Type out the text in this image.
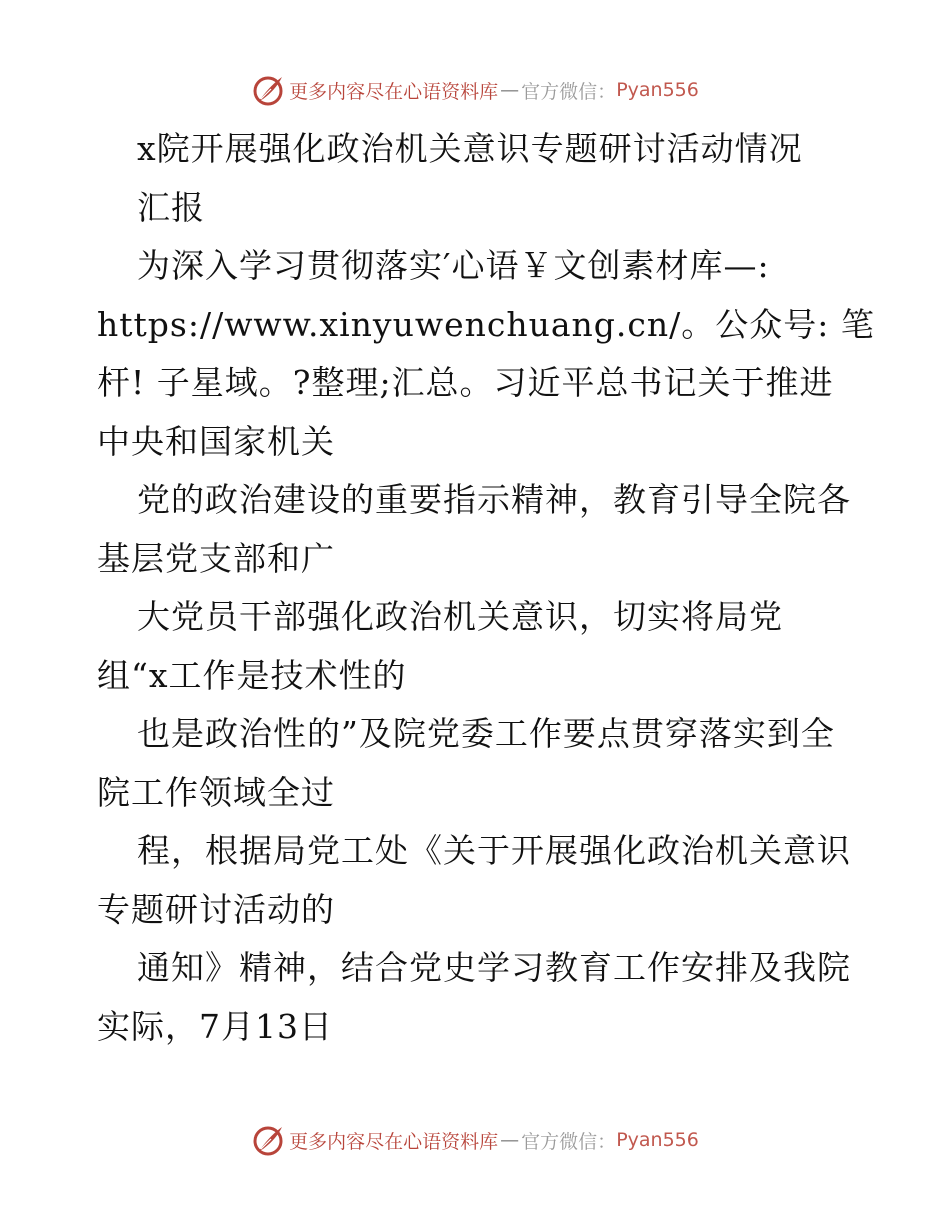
更多内容尽在心语资料库 — 官方微信： Pyan556
x院开展强化政治机关意识专题研讨活动情况
汇报
为深入学习贯彻落实′心语￥文创素材库—:
https://www.xinyuwenchuang.cn/。公众号: 笔
杆! 子星域。?整理;汇总。习近平总书记关于推进
中央和国家机关
党的政治建设的重要指示精神，教育引导全院各
基层党支部和广
大党员干部强化政治机关意识，切实将局党
组“x工作是技术性的
也是政治性的”及院党委工作要点贯穿落实到全
院工作领域全过
程，根据局党工处《关于开展强化政治机关意识
专题研讨活动的
通知》精神，结合党史学习教育工作安排及我院
实际，7月13日
更多内容尽在心语资料库 — 官方微信： Pyan556
